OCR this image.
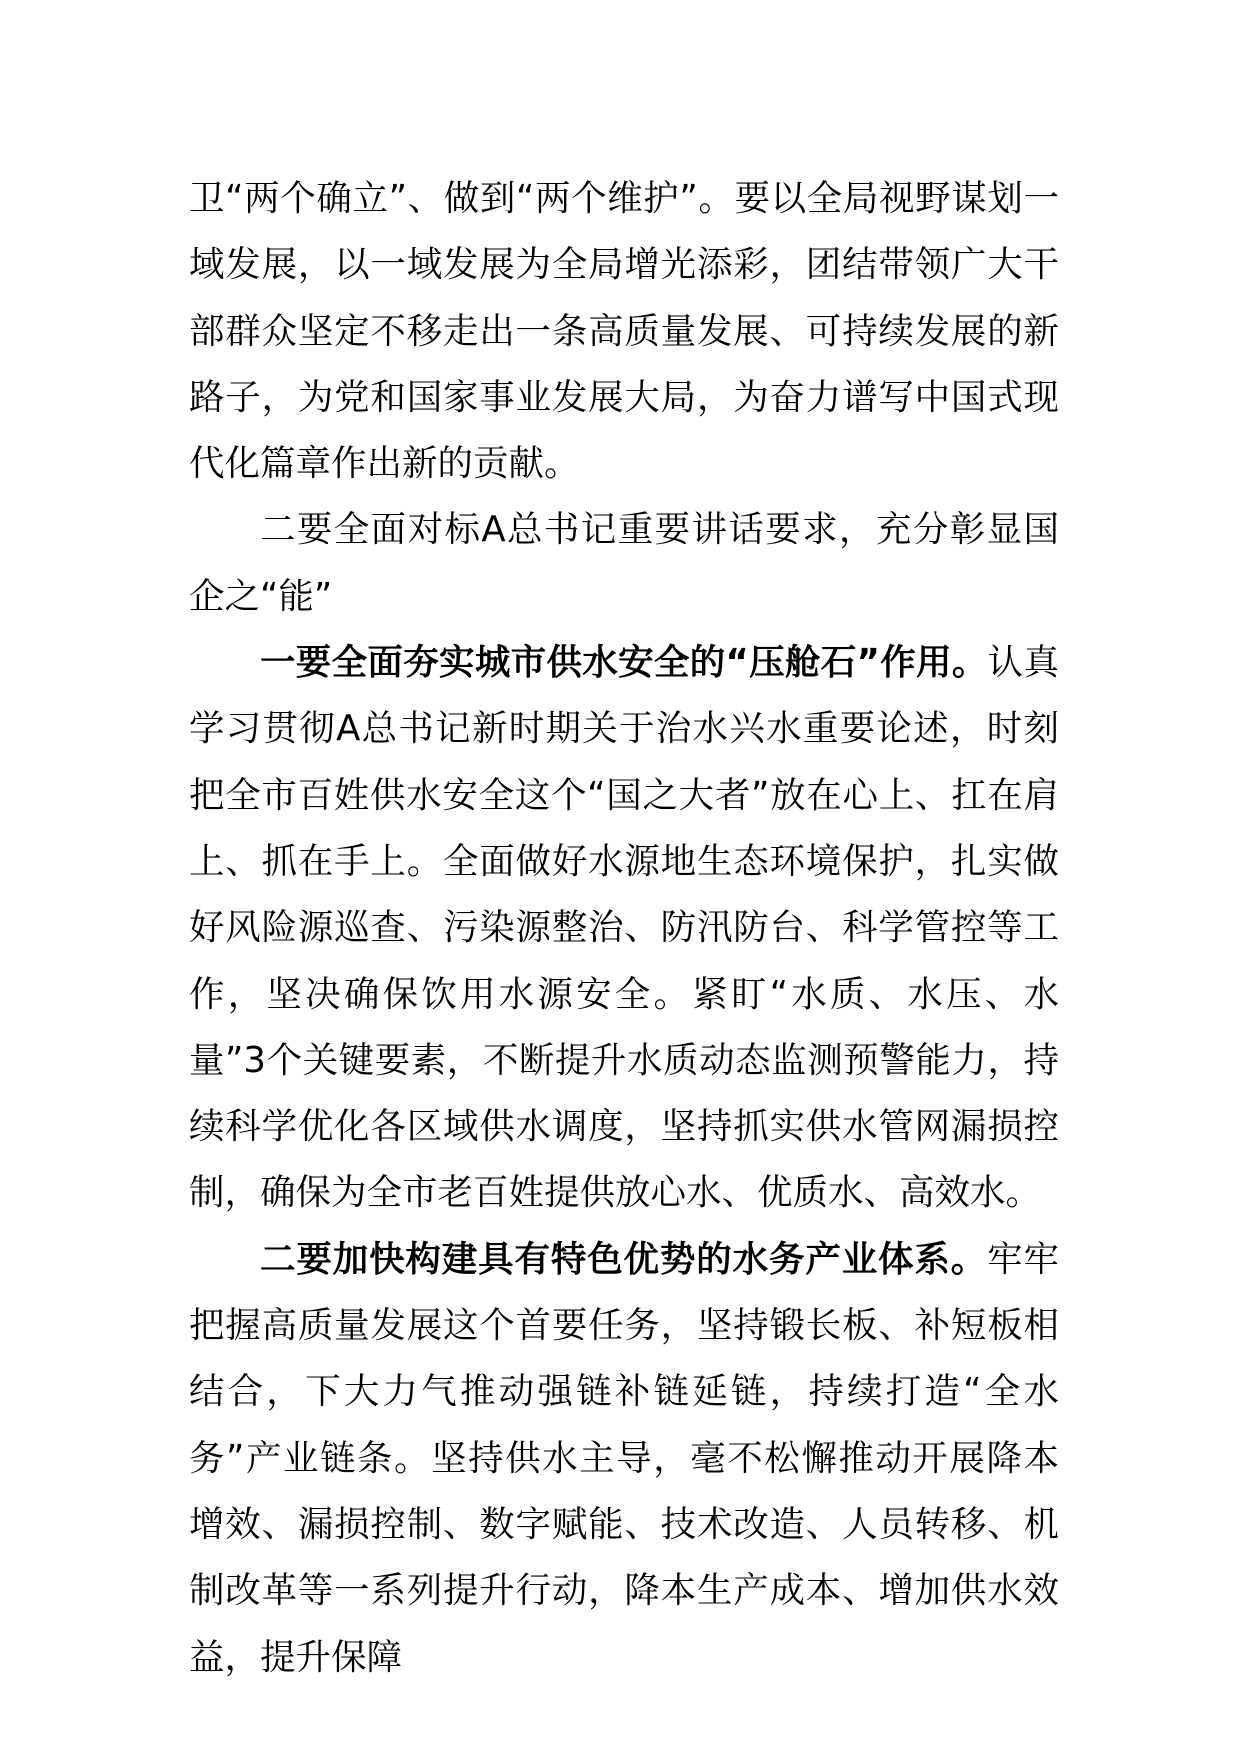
卫“两个确立”、做到“两个维护”。要以全局视野谋划一域发展，以一域发展为全局增光添彩，团结带领广大干部群众坚定不移走出一条高质量发展、可持续发展的新路子，为党和国家事业发展大局，为奋力谱写中国式现代化篇章作出新的贡献。

二要全面对标A总书记重要讲话要求，充分彰显国企之“能”

一要全面夯实城市供水安全的“压舱石”作用。认真学习贯彻A总书记新时期关于治水兴水重要论述，时刻把全市百姓供水安全这个“国之大者”放在心上、扛在肩上、抓在手上。全面做好水源地生态环境保护，扎实做好风险源巡查、污染源整治、防汛防台、科学管控等工作，坚决确保饮用水源安全。紧盯“水质、水压、水量”3个关键要素，不断提升水质动态监测预警能力，持续科学优化各区域供水调度，坚持抓实供水管网漏损控制，确保为全市老百姓提供放心水、优质水、高效水。

二要加快构建具有特色优势的水务产业体系。牢牢把握高质量发展这个首要任务，坚持锻长板、补短板相结合，下大力气推动强链补链延链，持续打造“全水务”产业链条。坚持供水主导，毫不松懈推动开展降本增效、漏损控制、数字赋能、技术改造、人员转移、机制改革等一系列提升行动，降本生产成本、增加供水效益，提升保障
